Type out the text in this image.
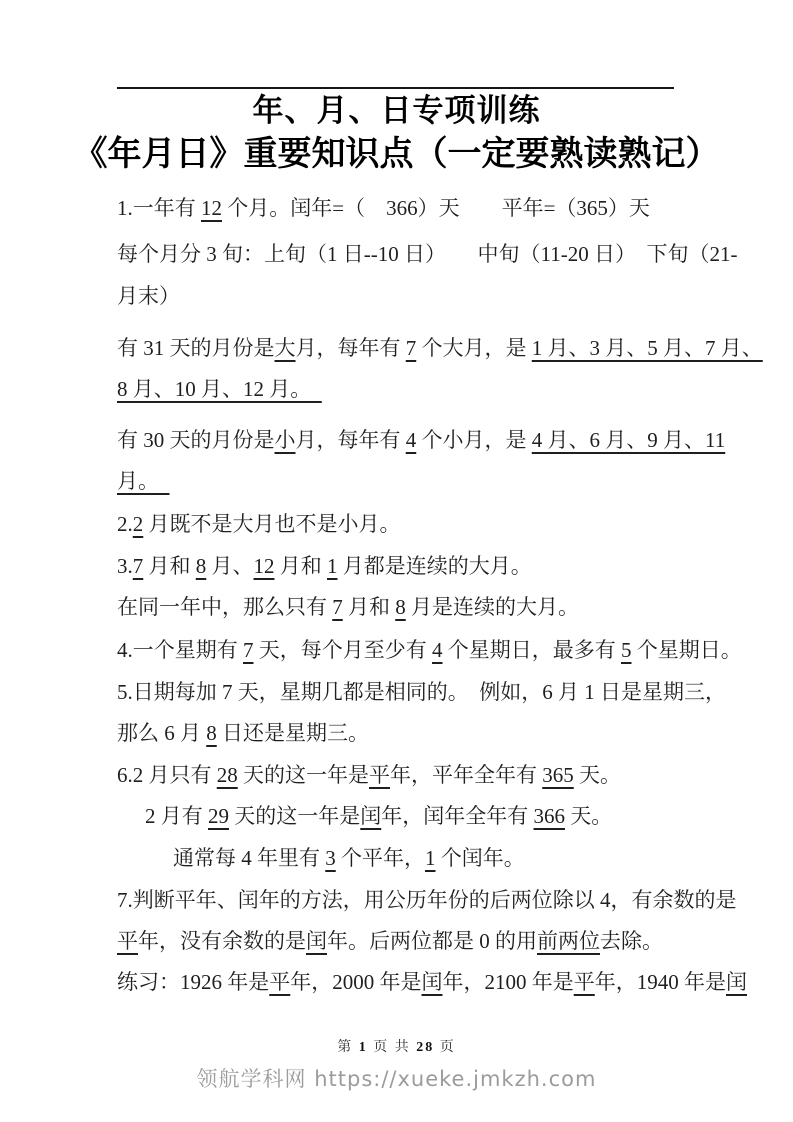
年、月、日专项训练
《年月日》重要知识点（一定要熟读熟记）
1.一年有 12 个月。闰年=（　366）天　　平年=（365）天
每个月分 3 旬：上旬（1 日--10 日）　　中旬（11-20 日）　下旬（21-
月末）
有 31 天的月份是大月，每年有 7 个大月，是 1 月、3 月、5 月、7 月、
8 月、10 月、12 月。　
有 30 天的月份是小月，每年有 4 个小月，是 4 月、6 月、9 月、11
月。　
2.2 月既不是大月也不是小月。
3.7 月和 8 月、12 月和 1 月都是连续的大月。
在同一年中，那么只有 7 月和 8 月是连续的大月。
4.一个星期有 7 天，每个月至少有 4 个星期日，最多有 5 个星期日。
5.日期每加 7 天，星期几都是相同的。　例如，6 月 1 日是星期三，
那么 6 月 8 日还是星期三。
6.2 月只有 28 天的这一年是平年，平年全年有 365 天。
2 月有 29 天的这一年是闰年，闰年全年有 366 天。
通常每 4 年里有 3 个平年，1 个闰年。
7.判断平年、闰年的方法，用公历年份的后两位除以 4，有余数的是
平年，没有余数的是闰年。后两位都是 0 的用前两位去除。
练习：1926 年是平年，2000 年是闰年，2100 年是平年，1940 年是闰
第 1 页 共 28 页
领航学科网 https://xueke.jmkzh.com
